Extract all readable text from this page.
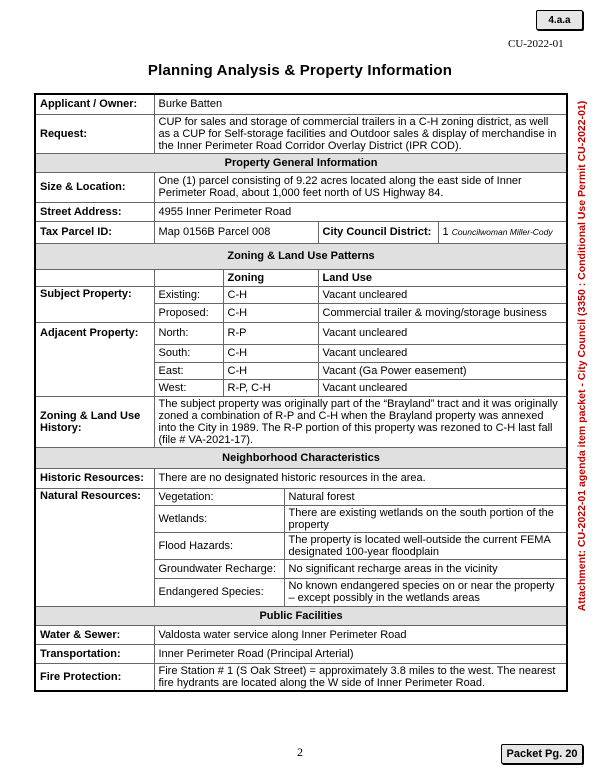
4.a.a
CU-2022-01
Planning Analysis & Property Information
Applicant / Owner:	Burke Batten				
Request:	CUP for sales and storage of commercial trailers in a C-H zoning district, as well as a CUP for Self-storage facilities and Outdoor sales & display of merchandise in the Inner Perimeter Road Corridor Overlay District (IPR COD).				
Property General Information					
Size & Location:	One (1) parcel consisting of 9.22 acres located along the east side of Inner Perimeter Road, about 1,000 feet north of US Highway 84.				
Street Address:	4955 Inner Perimeter Road				
Tax Parcel ID:	Map 0156B Parcel 008			City Council District:	1 Councilwoman Miller-Cody
Zoning & Land Use Patterns					
		Zoning		Land Use	
Subject Property:	Existing:	C-H		Vacant uncleared	
	Proposed:	C-H		Commercial trailer & moving/storage business	
Adjacent Property:	North:	R-P		Vacant uncleared	
	South:	C-H		Vacant uncleared	
	East:	C-H		Vacant (Ga Power easement)	
	West:	R-P, C-H		Vacant uncleared	
Zoning & Land Use History:	The subject property was originally part of the “Brayland” tract and it was originally zoned a combination of R-P and C-H when the Brayland property was annexed into the City in 1989. The R-P portion of this property was rezoned to C-H last fall (file # VA-2021-17).				
Neighborhood Characteristics					
Historic Resources:	There are no designated historic resources in the area.				
Natural Resources:	Vegetation:		Natural forest		
	Wetlands:		There are existing wetlands on the south portion of the property		
	Flood Hazards:		The property is located well-outside the current FEMA designated 100-year floodplain		
	Groundwater Recharge:		No significant recharge areas in the vicinity		
	Endangered Species:		No known endangered species on or near the property – except possibly in the wetlands areas		
Public Facilities					
Water & Sewer:	Valdosta water service along Inner Perimeter Road				
Transportation:	Inner Perimeter Road (Principal Arterial)				
Fire Protection:	Fire Station # 1 (S Oak Street) = approximately 3.8 miles to the west. The nearest fire hydrants are located along the W side of Inner Perimeter Road.				
Attachment: CU-2022-01 agenda item packet - City Council (3350 : Conditional Use Permit CU-2022-01)
2	Packet Pg. 20
